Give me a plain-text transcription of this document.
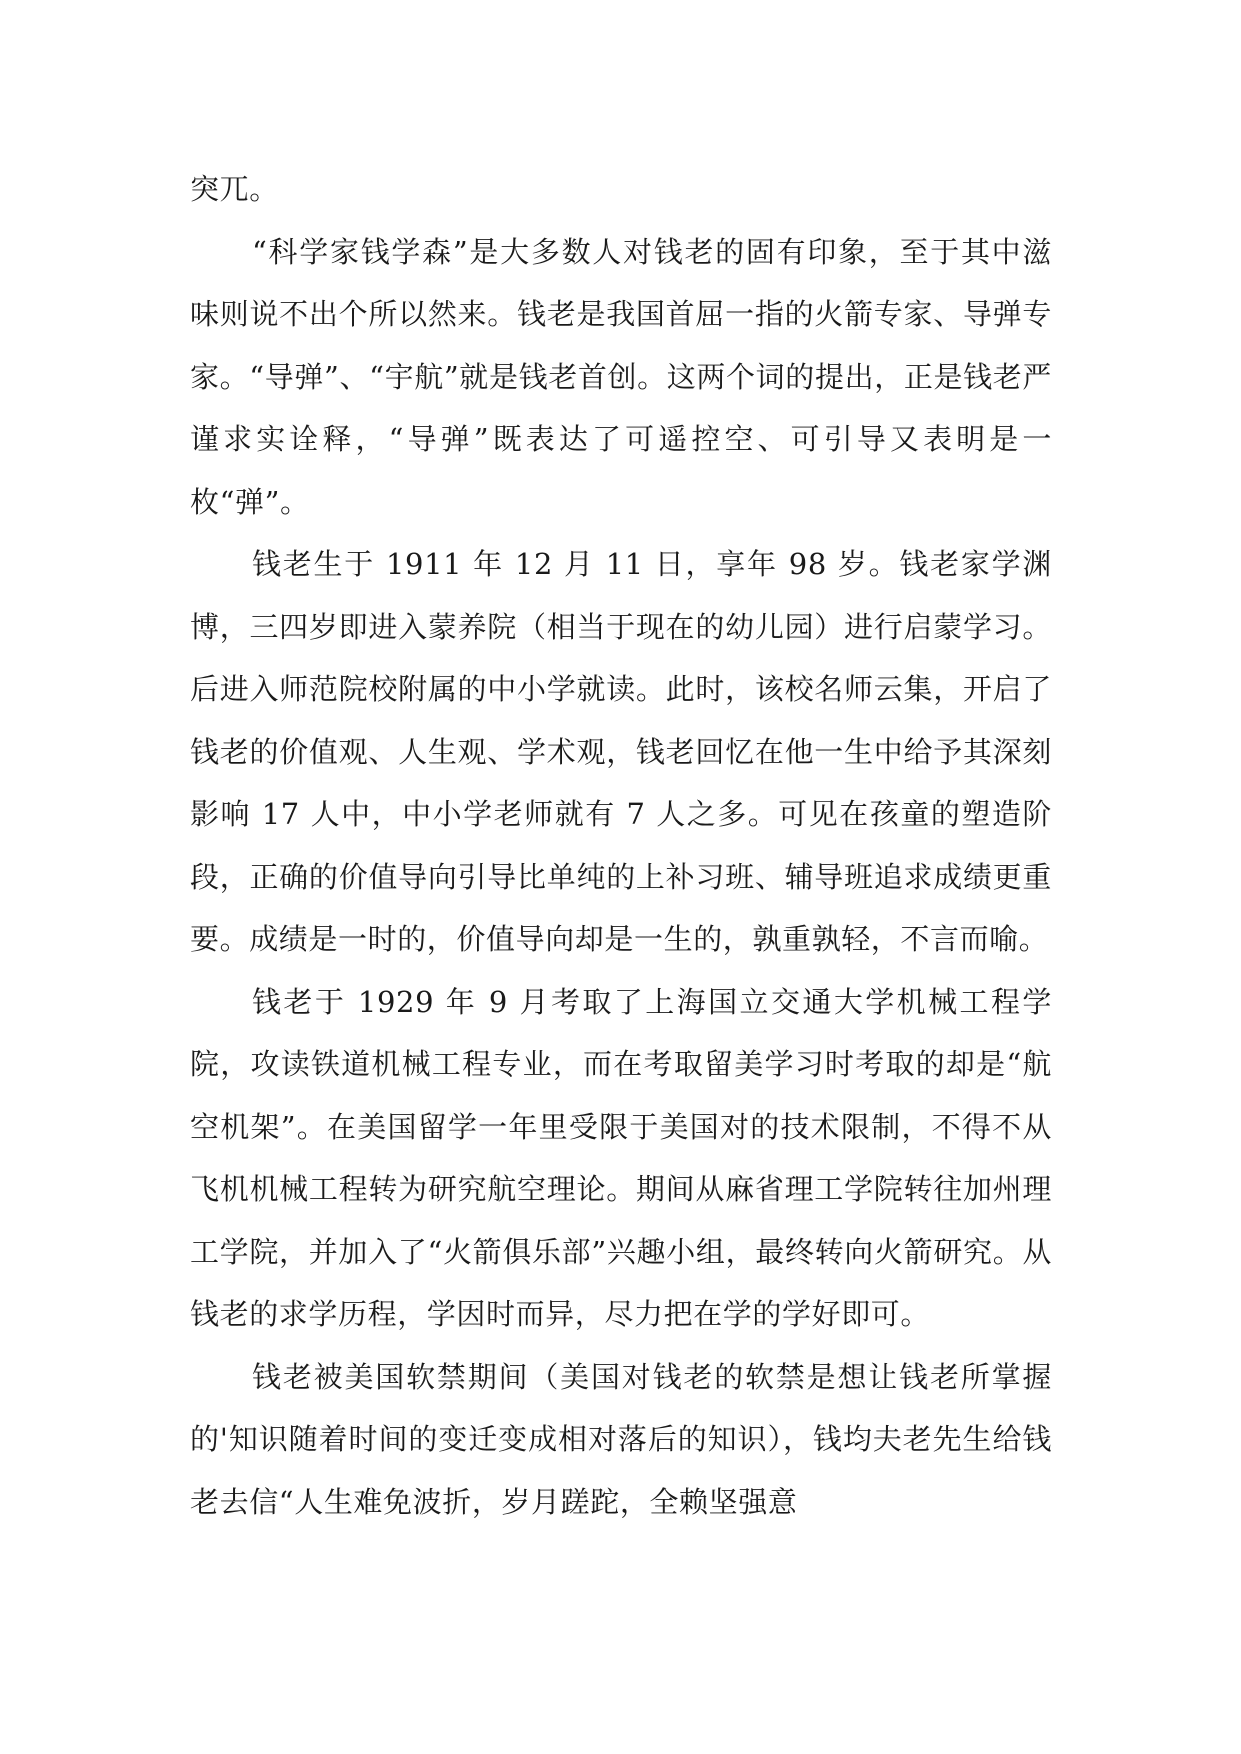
突兀。

“科学家钱学森”是大多数人对钱老的固有印象，至于其中滋味则说不出个所以然来。钱老是我国首屈一指的火箭专家、导弹专家。“导弹”、“宇航”就是钱老首创。这两个词的提出，正是钱老严谨求实诠释，“导弹”既表达了可遥控空、可引导又表明是一枚“弹”。

钱老生于 1911 年 12 月 11 日，享年 98 岁。钱老家学渊博，三四岁即进入蒙养院（相当于现在的幼儿园）进行启蒙学习。后进入师范院校附属的中小学就读。此时，该校名师云集，开启了钱老的价值观、人生观、学术观，钱老回忆在他一生中给予其深刻影响 17 人中，中小学老师就有 7 人之多。可见在孩童的塑造阶段，正确的价值导向引导比单纯的上补习班、辅导班追求成绩更重要。成绩是一时的，价值导向却是一生的，孰重孰轻，不言而喻。

钱老于 1929 年 9 月考取了上海国立交通大学机械工程学院，攻读铁道机械工程专业，而在考取留美学习时考取的却是“航空机架”。在美国留学一年里受限于美国对的技术限制，不得不从飞机机械工程转为研究航空理论。期间从麻省理工学院转往加州理工学院，并加入了“火箭俱乐部”兴趣小组，最终转向火箭研究。从钱老的求学历程，学因时而异，尽力把在学的学好即可。

钱老被美国软禁期间（美国对钱老的软禁是想让钱老所掌握的'知识随着时间的变迁变成相对落后的知识），钱均夫老先生给钱老去信“人生难免波折，岁月蹉跎，全赖坚强意
